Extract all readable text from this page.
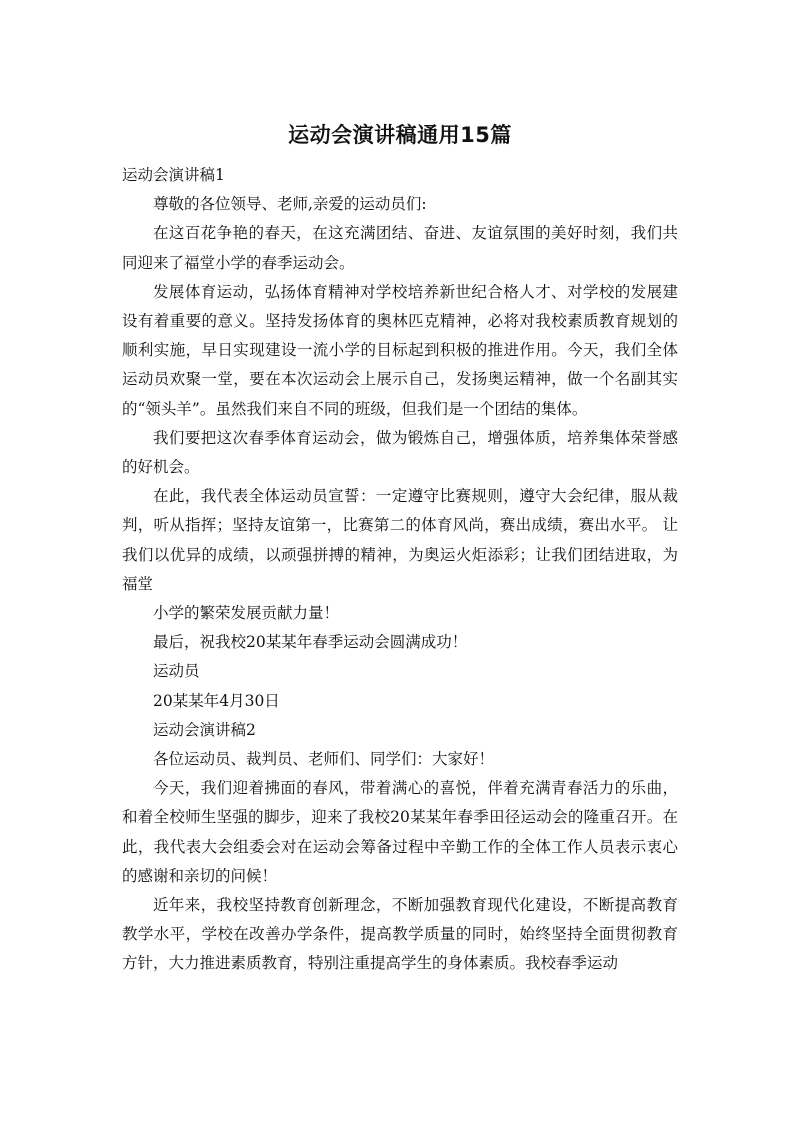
运动会演讲稿通用15篇

运动会演讲稿1

尊敬的各位领导、老师,亲爱的运动员们:

在这百花争艳的春天，在这充满团结、奋进、友谊氛围的美好时刻，我们共同迎来了福堂小学的春季运动会。

发展体育运动，弘扬体育精神对学校培养新世纪合格人才、对学校的发展建设有着重要的意义。坚持发扬体育的奥林匹克精神，必将对我校素质教育规划的顺利实施，早日实现建设一流小学的目标起到积极的推进作用。今天，我们全体运动员欢聚一堂，要在本次运动会上展示自己，发扬奥运精神，做一个名副其实的“领头羊”。虽然我们来自不同的班级，但我们是一个团结的集体。

我们要把这次春季体育运动会，做为锻炼自己，增强体质，培养集体荣誉感的好机会。

在此，我代表全体运动员宣誓：一定遵守比赛规则，遵守大会纪律，服从裁判，听从指挥；坚持友谊第一，比赛第二的体育风尚，赛出成绩，赛出水平。 让我们以优异的成绩，以顽强拼搏的精神，为奥运火炬添彩；让我们团结进取，为福堂

小学的繁荣发展贡献力量！

最后，祝我校20某某年春季运动会圆满成功！

运动员

20某某年4月30日

运动会演讲稿2

各位运动员、裁判员、老师们、同学们：大家好！

今天，我们迎着拂面的春风，带着满心的喜悦，伴着充满青春活力的乐曲，和着全校师生坚强的脚步，迎来了我校20某某年春季田径运动会的隆重召开。在此，我代表大会组委会对在运动会筹备过程中辛勤工作的全体工作人员表示衷心的感谢和亲切的问候！

近年来，我校坚持教育创新理念，不断加强教育现代化建设，不断提高教育教学水平，学校在改善办学条件，提高教学质量的同时，始终坚持全面贯彻教育方针，大力推进素质教育，特别注重提高学生的身体素质。我校春季运动
